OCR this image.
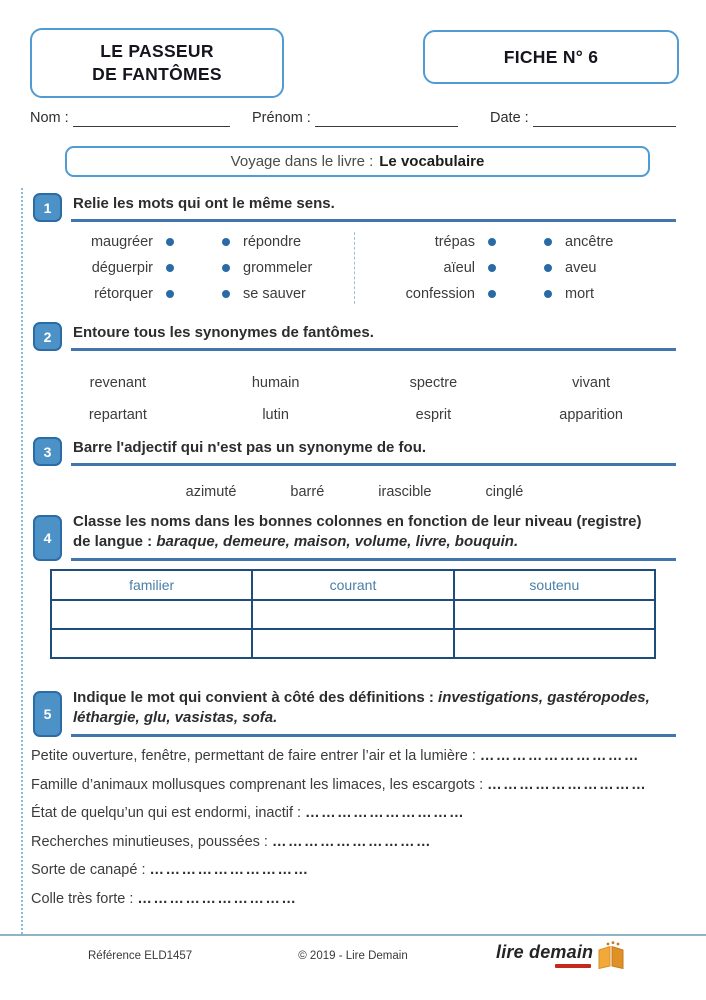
LE PASSEUR
DE FANTÔMES
FICHE N° 6
Nom :	Prénom :	Date :
Voyage dans le livre : Le vocabulaire
1	Relie les mots qui ont le même sens.
maugréer	répondre
déguerpir	grommeler
rétorquer	se sauver
trépas	ancêtre
aïeul	aveu
confession	mort
2	Entoure tous les synonymes de fantômes.
revenant	humain	spectre	vivant
repartant	lutin	esprit	apparition
3	Barre l'adjectif qui n'est pas un synonyme de fou.
azimuté	barré	irascible	cinglé
4
Classe les noms dans les bonnes colonnes en fonction de leur niveau (registre)
de langue : baraque, demeure, maison, volume, livre, bouquin.
familier	courant	soutenu

5
Indique le mot qui convient à côté des définitions : investigations, gastéropodes,
léthargie, glu, vasistas, sofa.
Petite ouverture, fenêtre, permettant de faire entrer l’air et la lumière : …………………………
Famille d’animaux mollusques comprenant les limaces, les escargots : …………………………
État de quelqu’un qui est endormi, inactif : …………………………
Recherches minutieuses, poussées : …………………………
Sorte de canapé : …………………………
Colle très forte : …………………………
Référence ELD1457	© 2019 - Lire Demain	lire demain
